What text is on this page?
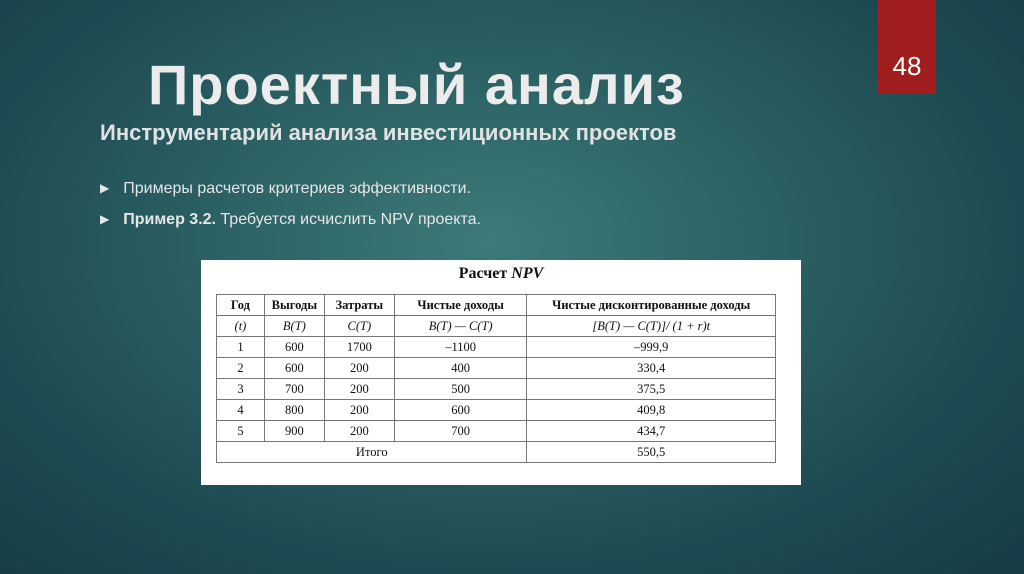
48
Проектный анализ
Инструментарий анализа инвестиционных проектов
▶ Примеры расчетов критериев эффективности.
▶ Пример 3.2. Требуется исчислить NPV проекта.
Расчет NPV
Год	Выгоды	Затраты	Чистые доходы	Чистые дисконтированные доходы
(t)	B(T)	C(T)	B(T) — C(T)	[B(T) — C(T)]/ (1 + r)t
1	600	1700	–1100	–999,9
2	600	200	400	330,4
3	700	200	500	375,5
4	800	200	600	409,8
5	900	200	700	434,7
Итого				550,5
